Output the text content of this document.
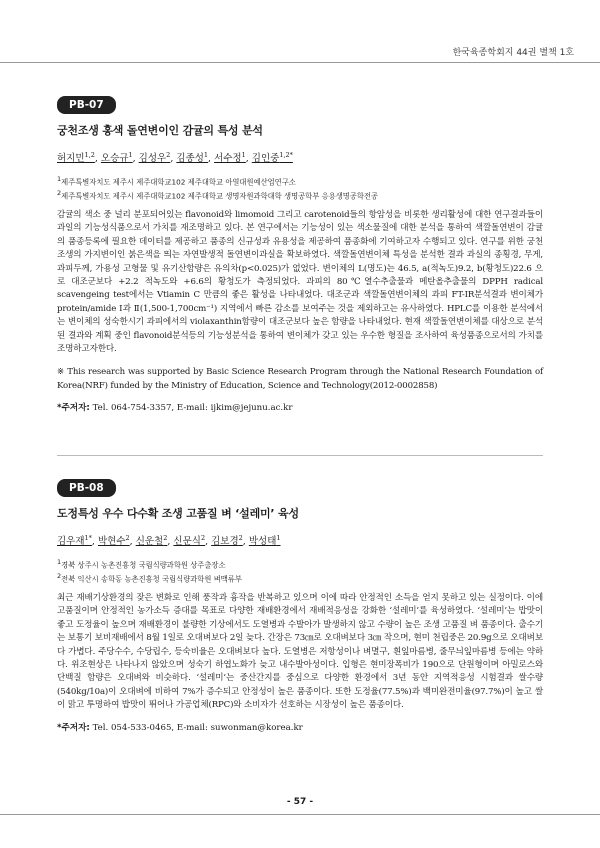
한국육종학회지 44권 별책 1호
PB-07
궁천조생 홍색 돌연변이인 감귤의 특성 분석
허지민$^{1,2}$, 오승규$^1$, 김성우$^2$, 김종성$^1$, 서수정$^1$, 김인중$^{1,2*}$
$^1$제주특별자치도 제주시 제주대학교102 제주대학교 아열대원예산업연구소
$^2$제주특별자치도 제주시 제주대학교102 제주대학교 생명자원과학대학 생명공학부 응용생명공학전공
감귤의 색소 중 널리 분포되어있는 flavonoid와 limomoid 그리고 carotenoid들의 항암성을 비롯한 생리활성에 대한 연구결과들이 과일의 기능성식품으로서 가치를 재조명하고 있다. 본 연구에서는 기능성이 있는 색소물질에 대한 분석을 통하여 색깔돌연변이 감귤의 품종등록에 필요한 데이터를 제공하고 품종의 신규성과 유용성을 제공하여 품종화에 기여하고자 수행되고 있다. 연구를 위한 궁천조생의 가지변이인 붉은색을 띄는 자연발생적 돌연변이과실을 확보하였다. 색깔돌연변이체 특성을 분석한 결과 과실의 종횡경, 무게, 과피두께, 가용성 고형물 및 유기산함량은 유의차(p<0.025)가 없었다. 변이체의 L(명도)는 46.5, a(적녹도)9.2, b(황청도)22.6 으로 대조군보다 +2.2 적녹도와 +6.6의 황청도가 측정되었다. 과피의 80℃열수추출물과 메탄올추출물의 DPPH radical scavengeing test에서는 Vtiamin C 만큼의 좋은 활성을 나타내었다. 대조군과 색깔돌연변이체의 과피 FT-IR분석결과 변이체가 protein/amide Ⅰ과 Ⅱ(1,500-1,700cm⁻¹) 지역에서 빠른 감소를 보여주는 것을 제외하고는 유사하였다. HPLC를 이용한 분석에서는 변이체의 성숙한시기 과피에서의 violaxanthin함량이 대조군보다 높은 함량을 나타내었다. 현재 색깔돌연변이체를 대상으로 분석된 결과와 계획 중인 flavonoid분석등의 기능성분석을 통하여 변이체가 갖고 있는 우수한 형질을 조사하여 육성품종으로서의 가치를 조명하고자한다.
※ This research was supported by Basic Science Research Program through the National Research Foundation of Korea(NRF) funded by the Ministry of Education, Science and Technology(2012-0002858)
*주저자: Tel. 064-754-3357, E-mail: ijkim@jejunu.ac.kr
PB-08
도정특성 우수 다수확 조생 고품질 벼 ‘설레미’ 육성
김우재$^{1*}$, 박현수$^2$, 신운철$^2$, 신문식$^2$, 김보경$^2$, 박성태$^1$
$^1$경북 상주시 농촌진흥청 국립식량과학원 상주출장소
$^2$전북 익산시 송학동 농촌진흥청 국립식량과학원 벼맥류부
최근 재배기상환경의 잦은 변화로 인해 풍작과 흉작을 반복하고 있으며 이에 따라 안정적인 소득을 얻지 못하고 있는 실정이다. 이에 고품질이며 안정적인 농가소득 증대를 목표로 다양한 재배환경에서 재배적응성을 강화한 ‘설레미’를 육성하였다. ‘설레미’는 밥맛이 좋고 도정율이 높으며 재배환경이 불량한 기상에서도 도열병과 수발아가 발생하지 않고 수량이 높은 조생 고품질 벼 품종이다. 출수기는 보통기 보비재배에서 8월 1일로 오대벼보다 2일 늦다. 간장은 73㎝로 오대벼보다 3㎝ 작으며, 현미 천립중은 20.9g으로 오대벼보다 가볍다. 주당수수, 수당립수, 등숙비율은 오대벼보다 높다. 도열병은 저항성이나 벼멸구, 흰잎마름병, 줄무늬잎마름병 등에는 약하다. 위조현상은 나타나지 않았으며 성숙기 하엽노화가 늦고 내수발아성이다. 입형은 현미장폭비가 190으로 단원형이며 아밀로스와 단백질 함량은 오대벼와 비슷하다. ‘설레미’는 중산간지를 중심으로 다양한 환경에서 3년 동안 지역적응성 시험결과 쌀수량(540kg/10a)이 오대벼에 비하여 7%가 증수되고 안정성이 높은 품종이다. 또한 도정율(77.5%)과 백미완전미율(97.7%)이 높고 쌀이 맑고 투명하여 밥맛이 뛰어나 가공업체(RPC)와 소비자가 선호하는 시장성이 높은 품종이다.
*주저자: Tel. 054-533-0465, E-mail: suwonman@korea.kr
- 57 -
